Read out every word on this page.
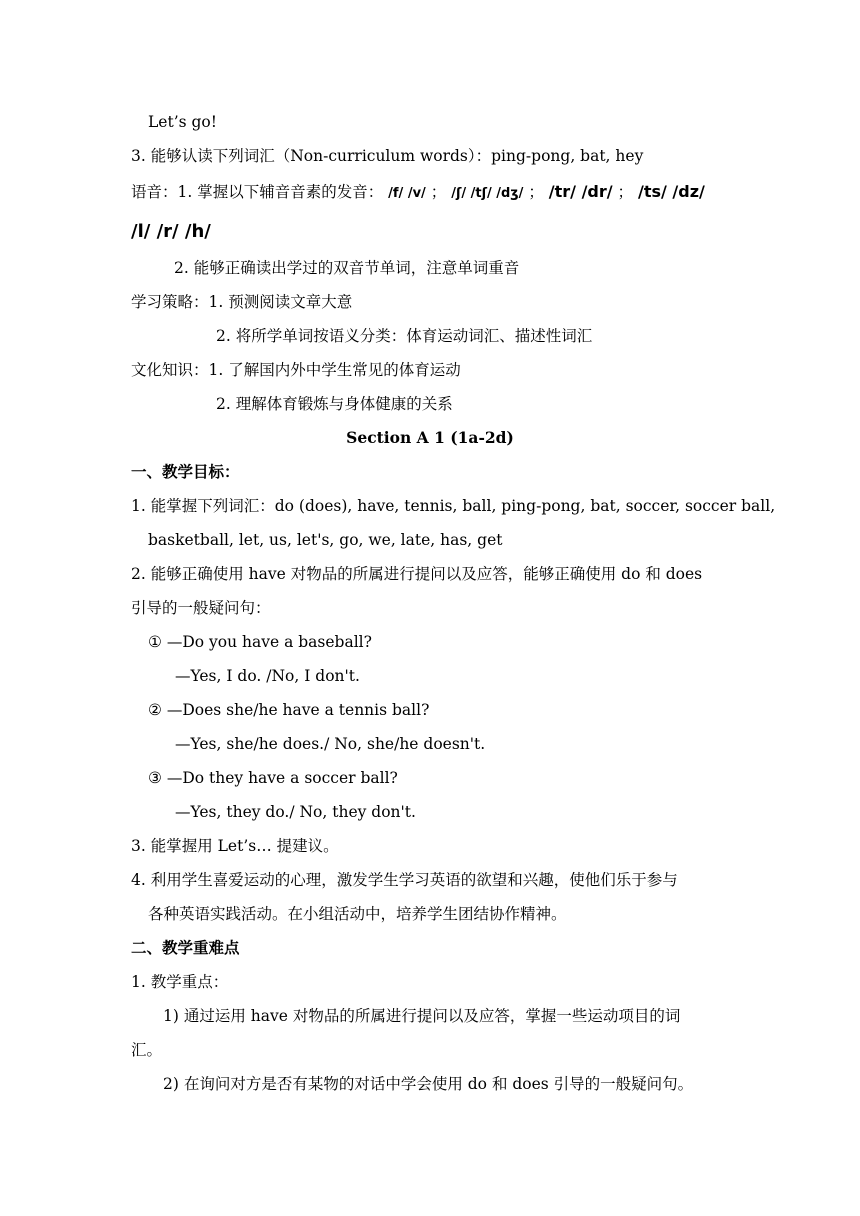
Let’s go!
3. 能够认读下列词汇（Non-curriculum words）：ping-pong, bat, hey
语音：1. 掌握以下辅音音素的发音： /f/ /v/ ； /ʃ/ /tʃ/ /dʒ/ ； /tr/ /dr/ ； /ts/ /dz/
/l/ /r/ /h/
2. 能够正确读出学过的双音节单词，注意单词重音
学习策略：1. 预测阅读文章大意
2. 将所学单词按语义分类：体育运动词汇、描述性词汇
文化知识：1. 了解国内外中学生常见的体育运动
2. 理解体育锻炼与身体健康的关系
Section A 1 (1a-2d)
一、教学目标：
1. 能掌握下列词汇：do (does), have, tennis, ball, ping-pong, bat, soccer, soccer ball,
basketball, let, us, let's, go, we, late, has, get
2. 能够正确使用 have 对物品的所属进行提问以及应答，能够正确使用 do 和 does
引导的一般疑问句：
① —Do you have a baseball?
—Yes, I do. /No, I don't.
② —Does she/he have a tennis ball?
—Yes, she/he does./ No, she/he doesn't.
③ —Do they have a soccer ball?
—Yes, they do./ No, they don't.
3. 能掌握用 Let’s… 提建议。
4. 利用学生喜爱运动的心理，激发学生学习英语的欲望和兴趣，使他们乐于参与
各种英语实践活动。在小组活动中，培养学生团结协作精神。
二、教学重难点
1. 教学重点：
1) 通过运用 have 对物品的所属进行提问以及应答，掌握一些运动项目的词
汇。
2) 在询问对方是否有某物的对话中学会使用 do 和 does 引导的一般疑问句。
